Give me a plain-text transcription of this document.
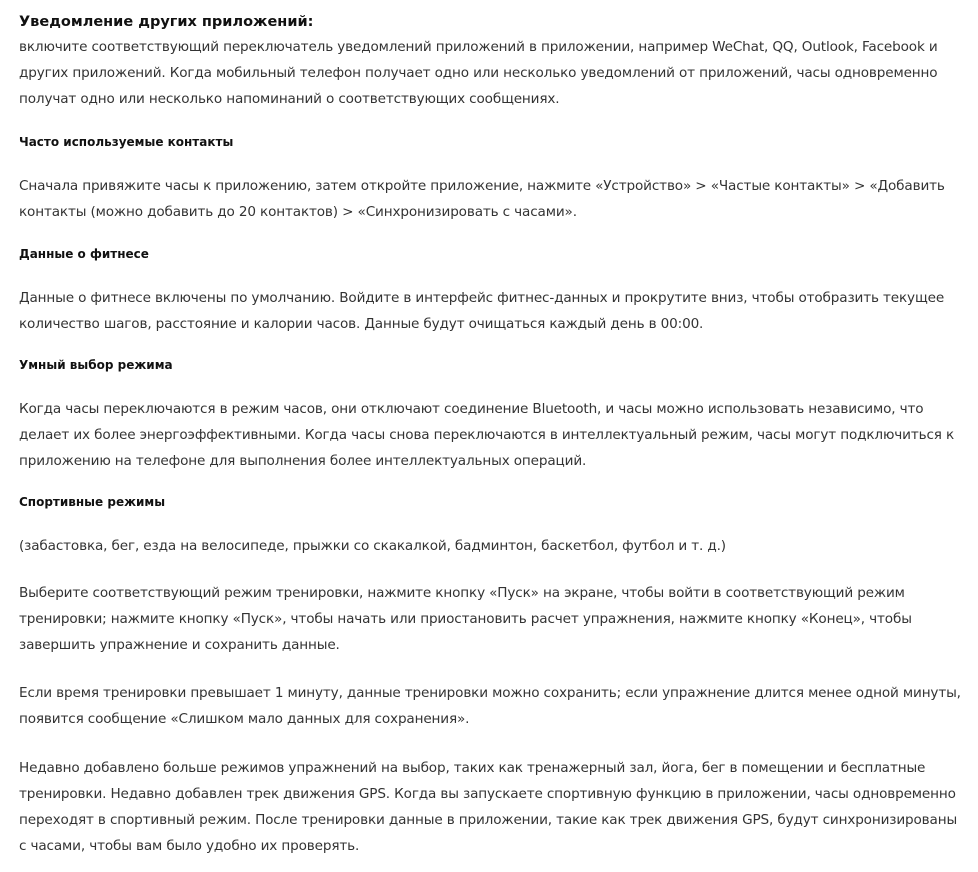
Уведомление других приложений:

включите соответствующий переключатель уведомлений приложений в приложении, например WeChat, QQ, Outlook, Facebook и других приложений. Когда мобильный телефон получает одно или несколько уведомлений от приложений, часы одновременно получат одно или несколько напоминаний о соответствующих сообщениях.

Часто используемые контакты

Сначала привяжите часы к приложению, затем откройте приложение, нажмите «Устройство» > «Частые контакты» > «Добавить контакты (можно добавить до 20 контактов) > «Синхронизировать с часами».

Данные о фитнесе

Данные о фитнесе включены по умолчанию. Войдите в интерфейс фитнес-данных и прокрутите вниз, чтобы отобразить текущее количество шагов, расстояние и калории часов. Данные будут очищаться каждый день в 00:00.

Умный выбор режима

Когда часы переключаются в режим часов, они отключают соединение Bluetooth, и часы можно использовать независимо, что делает их более энергоэффективными. Когда часы снова переключаются в интеллектуальный режим, часы могут подключиться к приложению на телефоне для выполнения более интеллектуальных операций.

Спортивные режимы

(забастовка, бег, езда на велосипеде, прыжки со скакалкой, бадминтон, баскетбол, футбол и т. д.)

Выберите соответствующий режим тренировки, нажмите кнопку «Пуск» на экране, чтобы войти в соответствующий режим тренировки; нажмите кнопку «Пуск», чтобы начать или приостановить расчет упражнения, нажмите кнопку «Конец», чтобы завершить упражнение и сохранить данные.

Если время тренировки превышает 1 минуту, данные тренировки можно сохранить; если упражнение длится менее одной минуты, появится сообщение «Слишком мало данных для сохранения».

Недавно добавлено больше режимов упражнений на выбор, таких как тренажерный зал, йога, бег в помещении и бесплатные тренировки. Недавно добавлен трек движения GPS. Когда вы запускаете спортивную функцию в приложении, часы одновременно переходят в спортивный режим. После тренировки данные в приложении, такие как трек движения GPS, будут синхронизированы с часами, чтобы вам было удобно их проверять.
